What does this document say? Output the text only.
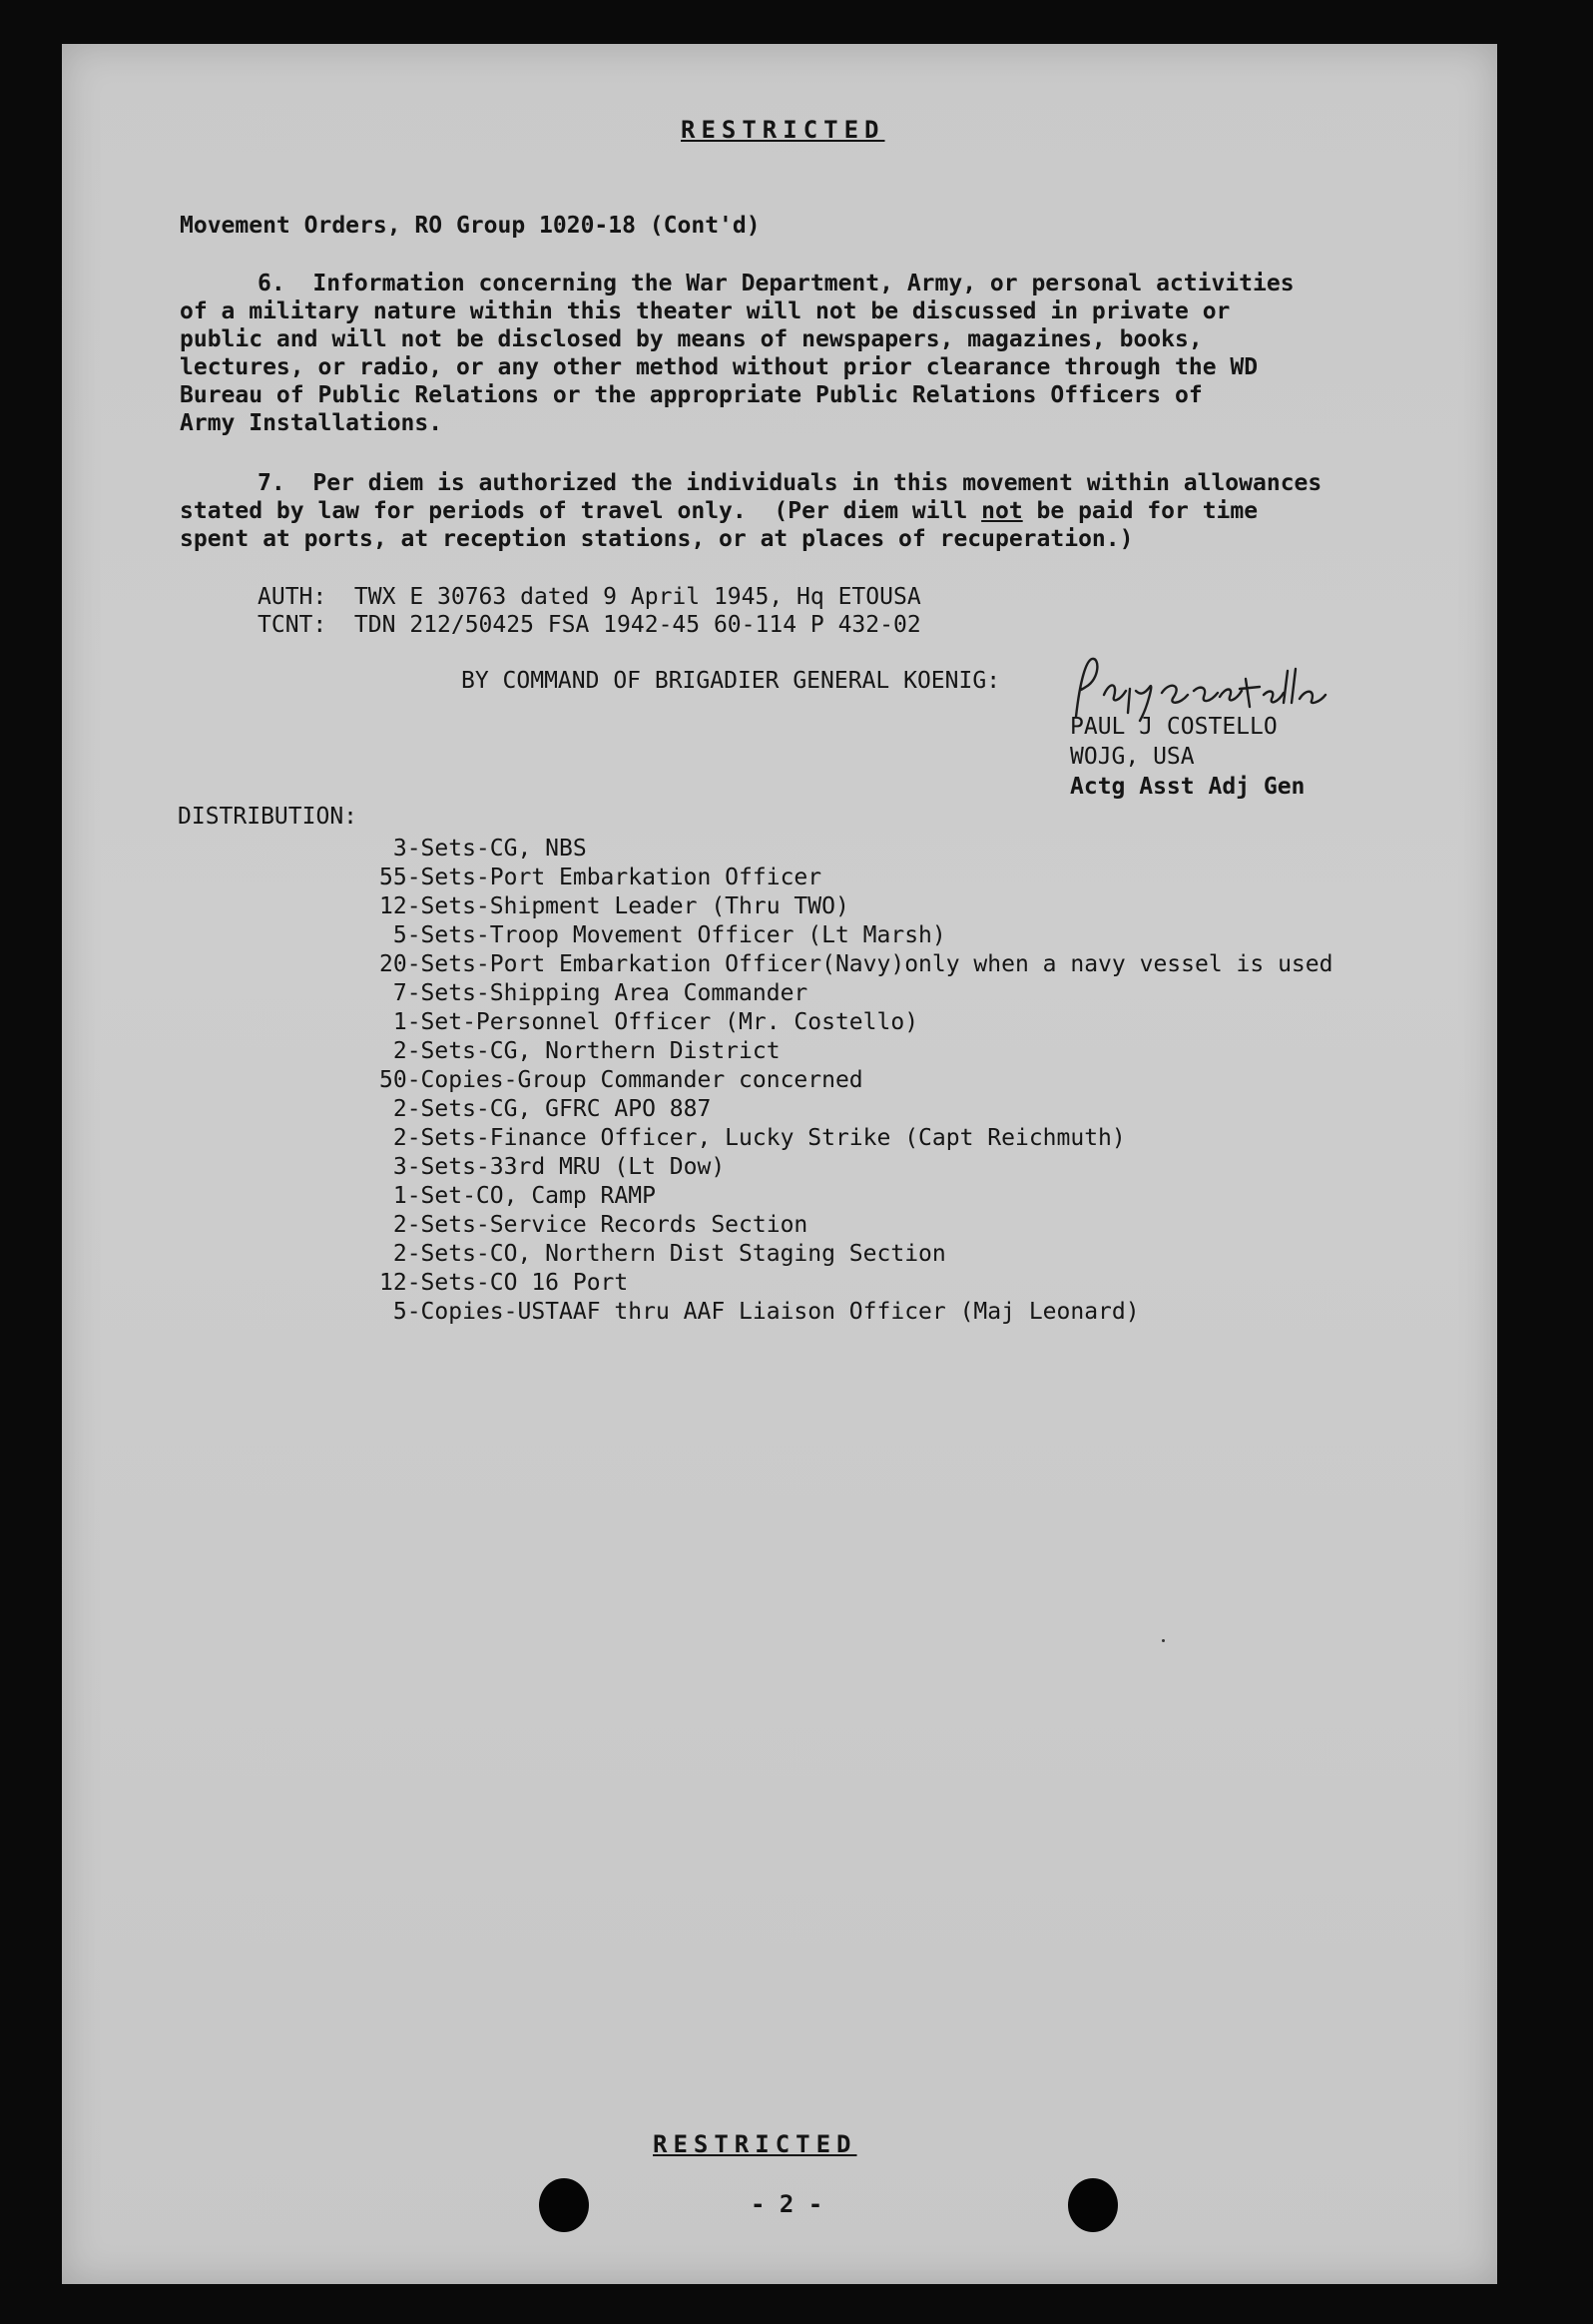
RESTRICTED
Movement Orders, RO Group 1020-18 (Cont'd)
6.  Information concerning the War Department, Army, or personal activities
of a military nature within this theater will not be discussed in private or
public and will not be disclosed by means of newspapers, magazines, books,
lectures, or radio, or any other method without prior clearance through the WD
Bureau of Public Relations or the appropriate Public Relations Officers of
Army Installations.
7.  Per diem is authorized the individuals in this movement within allowances
stated by law for periods of travel only.  (Per diem will not be paid for time
spent at ports, at reception stations, or at places of recuperation.)
AUTH:  TWX E 30763 dated 9 April 1945, Hq ETOUSA
TCNT:  TDN 212/50425 FSA 1942-45 60-114 P 432-02
BY COMMAND OF BRIGADIER GENERAL KOENIG:
PAUL J COSTELLO
WOJG, USA
Actg Asst Adj Gen
DISTRIBUTION:
3-Sets-CG, NBS
55-Sets-Port Embarkation Officer
12-Sets-Shipment Leader (Thru TWO)
5-Sets-Troop Movement Officer (Lt Marsh)
20-Sets-Port Embarkation Officer(Navy)only when a navy vessel is used
7-Sets-Shipping Area Commander
1-Set-Personnel Officer (Mr. Costello)
2-Sets-CG, Northern District
50-Copies-Group Commander concerned
2-Sets-CG, GFRC APO 887
2-Sets-Finance Officer, Lucky Strike (Capt Reichmuth)
3-Sets-33rd MRU (Lt Dow)
1-Set-CO, Camp RAMP
2-Sets-Service Records Section
2-Sets-CO, Northern Dist Staging Section
12-Sets-CO 16 Port
5-Copies-USTAAF thru AAF Liaison Officer (Maj Leonard)
RESTRICTED
- 2 -
